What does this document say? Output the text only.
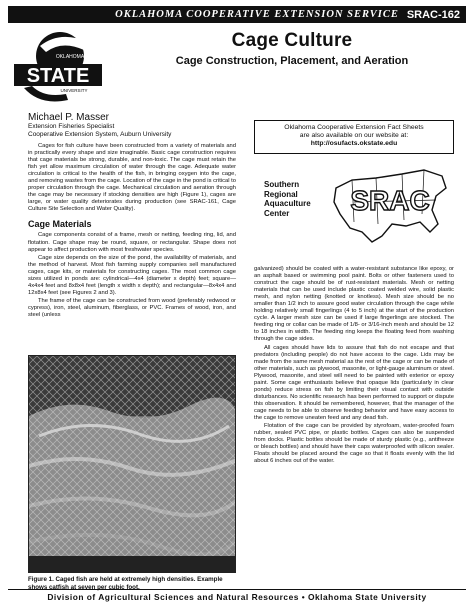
OKLAHOMA COOPERATIVE EXTENSION SERVICE SRAC-162
STATE
OKLAHOMA
UNIVERSITY
Cage Culture
Cage Construction, Placement, and Aeration
Michael P. Masser
Extension Fisheries Specialist
Cooperative Extension System, Auburn University

Cages for fish culture have been constructed from a variety of materials and in practically every shape and size imaginable. Basic cage construction requires that cage materials be strong, durable, and non-toxic. The cage must retain the fish yet allow maximum circulation of water through the cage. Adequate water circulation is critical to the health of the fish, in bringing oxygen into the cage, and removing wastes from the cage. Location of the cage in the pond is critical to proper circulation through the cage. Mechanical circulation and aeration through the cage may be necessary if stocking densities are high (Figure 1), cages are large, or water quality deteriorates during production (see SRAC-161, Cage Culture Site Selection and Water Quality).

Cage Materials

Cage components consist of a frame, mesh or netting, feeding ring, lid, and flotation. Cage shape may be round, square, or rectangular. Shape does not appear to affect production with most freshwater species.

Cage size depends on the size of the pond, the availability of materials, and the method of harvest. Most fish farming supply companies sell manufactured cages, cage kits, or materials for constructing cages. The most common cage sizes utilized in ponds are: cylindrical—4x4 (diameter x depth) feet; square—4x4x4 feet and 8x8x4 feet (length x width x depth); and rectangular—8x4x4 and 12x8x4 feet (see Figures 2 and 3).

The frame of the cage can be constructed from wood (preferably redwood or cypress), iron, steel, aluminum, fiberglass, or PVC. Frames of wood, iron, and steel (unless

Oklahoma Cooperative Extension Fact Sheets
are also available on our website at:
http://osufacts.okstate.edu
Southern
Regional
Aquaculture
Center	SRAC

galvanized) should be coated with a water-resistant substance like epoxy, or an asphalt based or swimming pool paint. Bolts or other fasteners used to construct the cage should be of rust-resistant materials. Mesh or netting materials that can be used include plastic coated welded wire, solid plastic mesh, and nylon netting (knotted or knotless). Mesh size should be no smaller than 1/2 inch to assure good water circulation through the cage while holding relatively small fingerlings (4 to 5 inch) at the start of the production cycle. A larger mesh size can be used if large fingerlings are stocked. The feeding ring or collar can be made of 1/8- or 3/16-inch mesh and should be 12 to 18 inches in width. The feeding ring keeps the floating feed from washing through the cage sides.

All cages should have lids to assure that fish do not escape and that predators (including people) do not have access to the cage. Lids may be made from the same mesh material as the rest of the cage or can be made of other materials, such as plywood, masonite, or light-gauge aluminum or steel. Plywood, masonite, and steel will need to be painted with exterior or epoxy paint. Some cage enthusiasts believe that opaque lids (particularly in clear ponds) reduce stress on fish by limiting their visual contact with outside disturbances. No scientific research has been performed to support or dispute this observation. It should be remembered, however, that the manager of the cage needs to be able to observe feeding behavior and have easy access to the cage to remove uneaten feed and any dead fish.

Flotation of the cage can be provided by styrofoam, water-proofed foam rubber, sealed PVC pipe, or plastic bottles. Cages can also be suspended from docks. Plastic bottles should be made of sturdy plastic (e.g., antifreeze or bleach bottles) and should have their caps waterproofed with silicon sealer. Floats should be placed around the cage so that it floats evenly with the lid about 6 inches out of the water.

Figure 1. Caged fish are held at extremely high densities. Example shows catfish at seven per cubic foot.
Division of Agricultural Sciences and Natural Resources • Oklahoma State University
